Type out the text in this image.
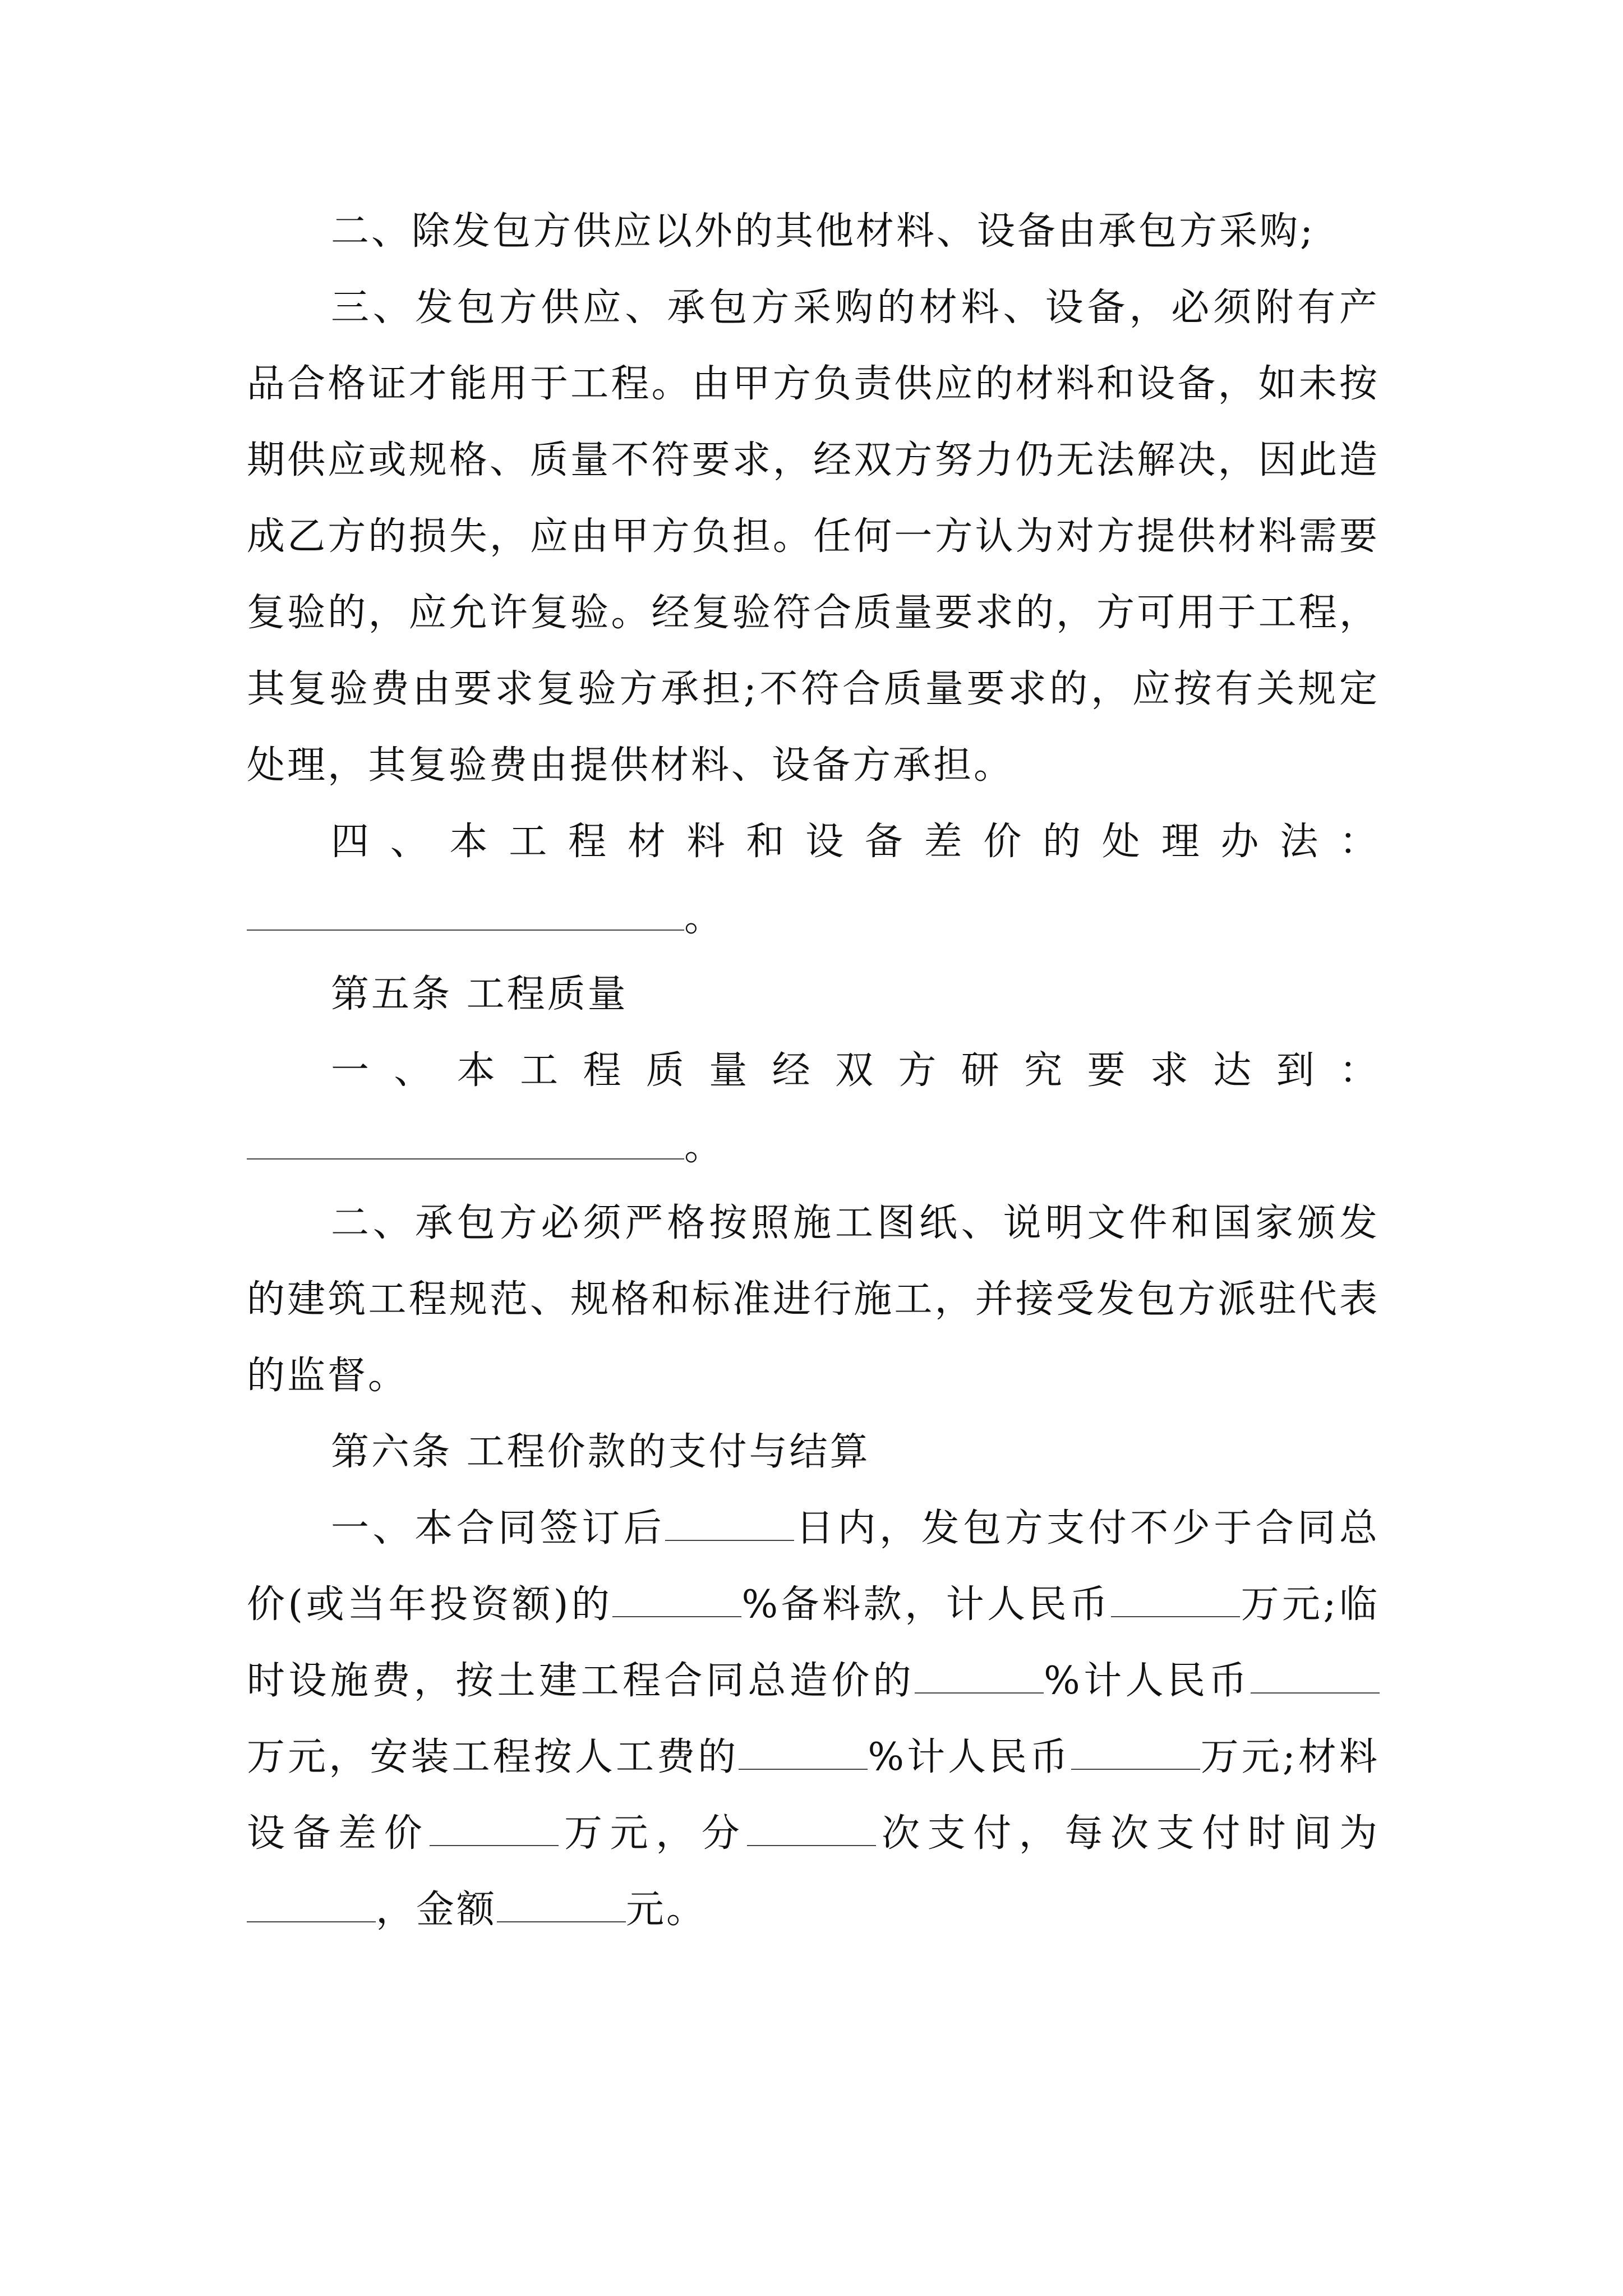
二、除发包方供应以外的其他材料、设备由承包方采购;

三、发包方供应、承包方采购的材料、设备，必须附有产品合格证才能用于工程。由甲方负责供应的材料和设备，如未按期供应或规格、质量不符要求，经双方努力仍无法解决，因此造成乙方的损失，应由甲方负担。任何一方认为对方提供材料需要复验的，应允许复验。经复验符合质量要求的，方可用于工程，其复验费由要求复验方承担;不符合质量要求的，应按有关规定处理，其复验费由提供材料、设备方承担。

四、本工程材料和设备差价的处理办法：

。

第五条 工程质量

一、本工程质量经双方研究要求达到：

。

二、承包方必须严格按照施工图纸、说明文件和国家颁发的建筑工程规范、规格和标准进行施工，并接受发包方派驻代表的监督。

第六条 工程价款的支付与结算

一、本合同签订后	日内，发包方支付不少于合同总价(或当年投资额)的	%备料款，计人民币	万元;临时设施费，按土建工程合同总造价的	%计人民币万元，安装工程按人工费的	%计人民币	万元;材料设备差价	万元，分	次支付，每次支付时间为，金额	元。
